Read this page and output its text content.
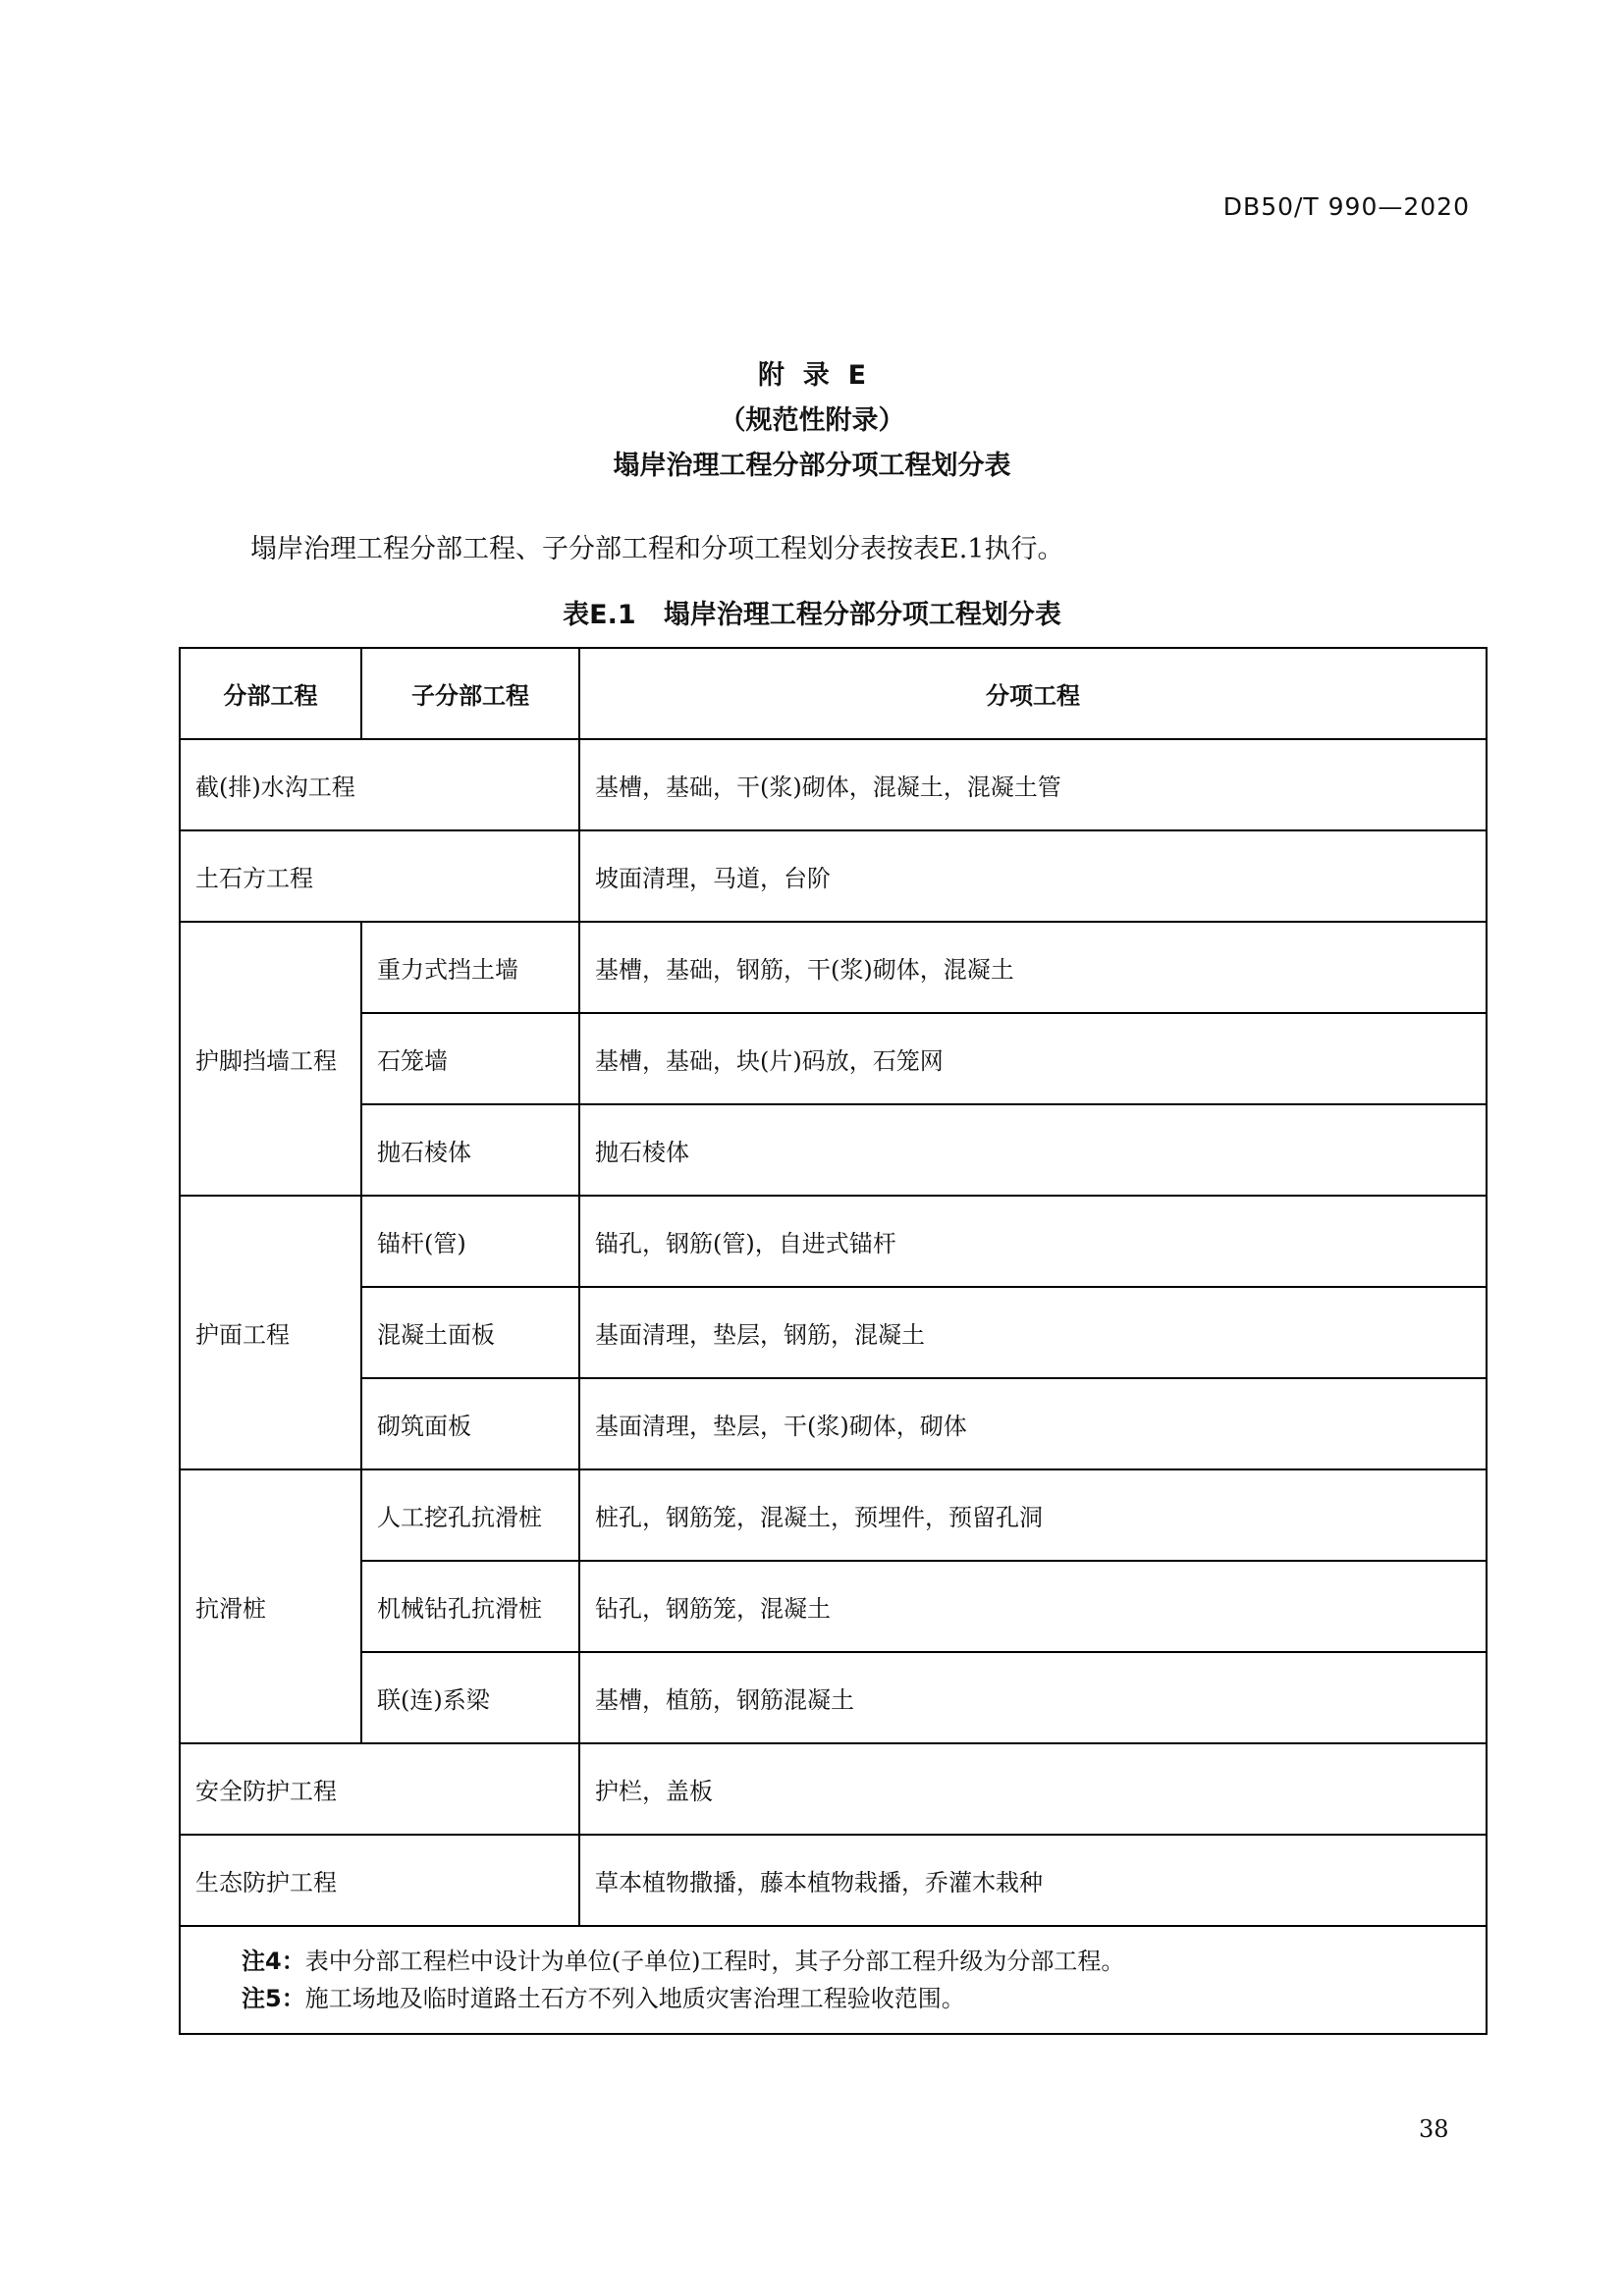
DB50/T 990—2020
附  录  E
（规范性附录）
塌岸治理工程分部分项工程划分表
塌岸治理工程分部工程、子分部工程和分项工程划分表按表E.1执行。
表E.1   塌岸治理工程分部分项工程划分表
分部工程	子分部工程	分项工程
截(排)水沟工程		基槽，基础，干(浆)砌体，混凝土，混凝土管
土石方工程		坡面清理，马道，台阶
护脚挡墙工程	重力式挡土墙	基槽，基础，钢筋，干(浆)砌体，混凝土
	石笼墙	基槽，基础，块(片)码放，石笼网
	抛石棱体	抛石棱体
护面工程	锚杆(管)	锚孔，钢筋(管)，自进式锚杆
	混凝土面板	基面清理，垫层，钢筋，混凝土
	砌筑面板	基面清理，垫层，干(浆)砌体，砌体
抗滑桩	人工挖孔抗滑桩	桩孔，钢筋笼，混凝土，预埋件，预留孔洞
	机械钻孔抗滑桩	钻孔，钢筋笼，混凝土
	联(连)系梁	基槽，植筋，钢筋混凝土
安全防护工程		护栏，盖板
生态防护工程		草本植物撒播，藤本植物栽播，乔灌木栽种

注4：表中分部工程栏中设计为单位(子单位)工程时，其子分部工程升级为分部工程。
注5：施工场地及临时道路土石方不列入地质灾害治理工程验收范围。		
38
